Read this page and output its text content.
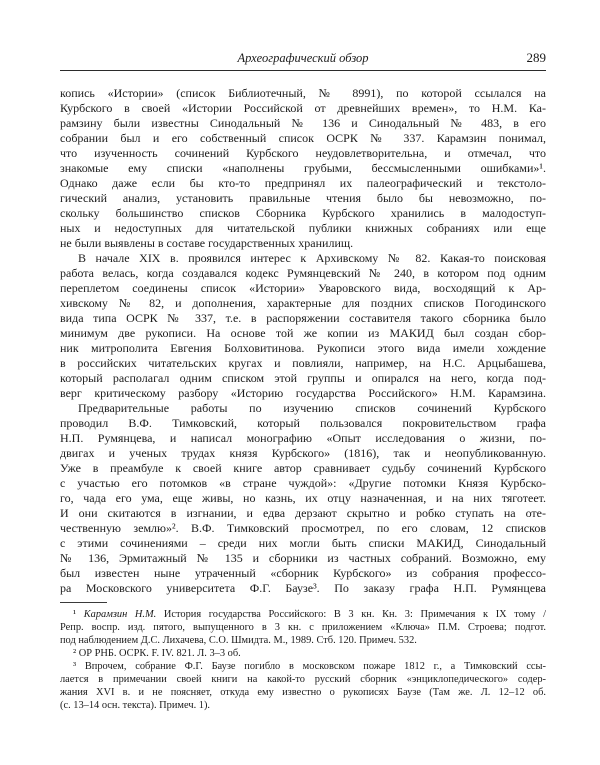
Археографический обзор	289
копись «Истории» (список Библиотечный, № 8991), по которой ссылался на
Курбского в своей «Истории Российской от древнейших времен», то Н.М. Ка-
рамзину были известны Синодальный № 136 и Синодальный № 483, в его
собрании был и его собственный список ОСРК № 337. Карамзин понимал,
что изученность сочинений Курбского неудовлетворительна, и отмечал, что
знакомые ему списки «наполнены грубыми, бессмысленными ошибками»¹.
Однако даже если бы кто-то предпринял их палеографический и текстоло-
гический анализ, установить правильные чтения было бы невозможно, по-
скольку большинство списков Сборника Курбского хранились в малодоступ-
ных и недоступных для читательской публики книжных собраниях или еще
не были выявлены в составе государственных хранилищ.
В начале XIX в. проявился интерес к Архивскому № 82. Какая-то поисковая
работа велась, когда создавался кодекс Румянцевский № 240, в котором под одним
переплетом соединены список «Истории» Уваровского вида, восходящий к Ар-
хивскому № 82, и дополнения, характерные для поздних списков Погодинского
вида типа ОСРК № 337, т.е. в распоряжении составителя такого сборника было
минимум две рукописи. На основе той же копии из МАКИД был создан сбор-
ник митрополита Евгения Болховитинова. Рукописи этого вида имели хождение
в российских читательских кругах и повлияли, например, на Н.С. Арцыбашева,
который располагал одним списком этой группы и опирался на него, когда под-
верг критическому разбору «Историю государства Российского» Н.М. Карамзина.
Предварительные работы по изучению списков сочинений Курбского
проводил В.Ф. Тимковский, который пользовался покровительством графа
Н.П. Румянцева, и написал монографию «Опыт исследования о жизни, по-
двигах и ученых трудах князя Курбского» (1816), так и неопубликованную.
Уже в преамбуле к своей книге автор сравнивает судьбу сочинений Курбского
с участью его потомков «в стране чуждой»: «Другие потомки Князя Курбско-
го, чада его ума, еще живы, но казнь, их отцу назначенная, и на них тяготеет.
И они скитаются в изгнании, и едва дерзают скрытно и робко ступать на оте-
чественную землю»². В.Ф. Тимковский просмотрел, по его словам, 12 списков
с этими сочинениями – среди них могли быть списки МАКИД, Синодальный
№ 136, Эрмитажный № 135 и сборники из частных собраний. Возможно, ему
был известен ныне утраченный «сборник Курбского» из собрания профессо-
ра Московского университета Ф.Г. Баузе³. По заказу графа Н.П. Румянцева
¹ Карамзин Н.М. История государства Российского: В 3 кн. Кн. 3: Примечания к IX тому /
Репр. воспр. изд. пятого, выпущенного в 3 кн. с приложением «Ключа» П.М. Строева; подгот.
под наблюдением Д.С. Лихачева, С.О. Шмидта. М., 1989. Стб. 120. Примеч. 532.
² ОР РНБ. ОСРК. F. IV. 821. Л. 3–3 об.
³ Впрочем, собрание Ф.Г. Баузе погибло в московском пожаре 1812 г., а Тимковский ссы-
лается в примечании своей книги на какой-то русский сборник «энциклопедического» содер-
жания XVI в. и не поясняет, откуда ему известно о рукописях Баузе (Там же. Л. 12–12 об.
(с. 13–14 осн. текста). Примеч. 1).
